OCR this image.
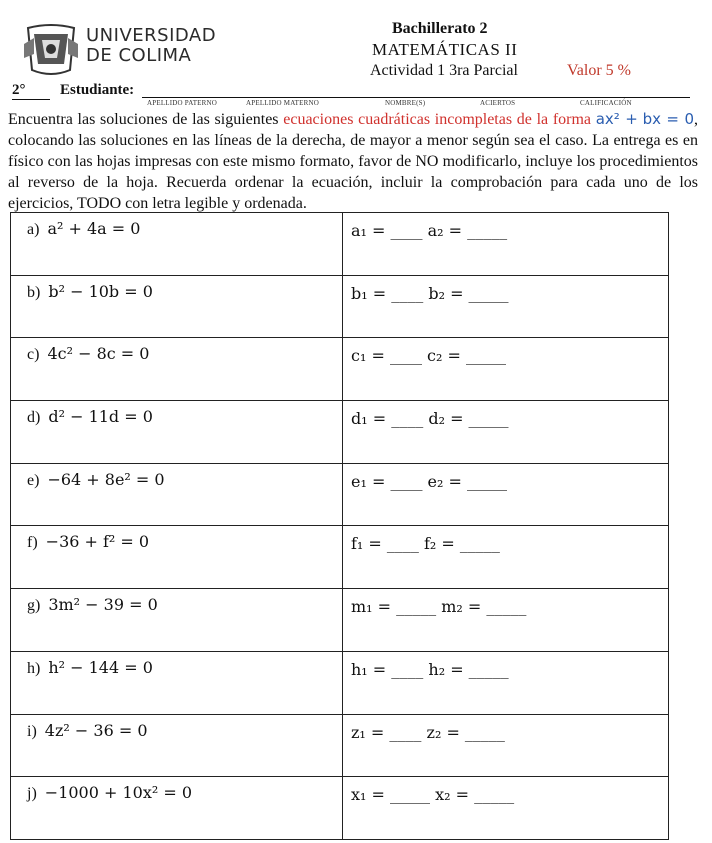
UNIVERSIDAD
DE COLIMA
Bachillerato 2
MATEMÁTICAS II
Actividad 1 3ra Parcial	Valor 5 %
2°	Estudiante:
APELLIDO PATERNO	APELLIDO MATERNO	NOMBRE(S)	ACIERTOS	CALIFICACIÓN
Encuentra las soluciones de las siguientes ecuaciones cuadráticas incompletas de la forma ax² + bx = 0, colocando las soluciones en las líneas de la derecha, de mayor a menor según sea el caso. La entrega es en físico con las hojas impresas con este mismo formato, favor de NO modificarlo, incluye los procedimientos al reverso de la hoja. Recuerda ordenar la ecuación, incluir la comprobación para cada uno de los ejercicios, TODO con letra legible y ordenada.
a) a² + 4a = 0	a₁ = ____ a₂ = _____

b) b² − 10b = 0	b₁ = ____ b₂ = _____

c) 4c² − 8c = 0	c₁ = ____ c₂ = _____

d) d² − 11d = 0	d₁ = ____ d₂ = _____

e) −64 + 8e² = 0	e₁ = ____ e₂ = _____

f) −36 + f² = 0	f₁ = ____ f₂ = _____

g) 3m² − 39 = 0	m₁ = _____ m₂ = _____

h) h² − 144 = 0	h₁ = ____ h₂ = _____

i) 4z² − 36 = 0	z₁ = ____ z₂ = _____

j) −1000 + 10x² = 0	x₁ = _____ x₂ = _____
